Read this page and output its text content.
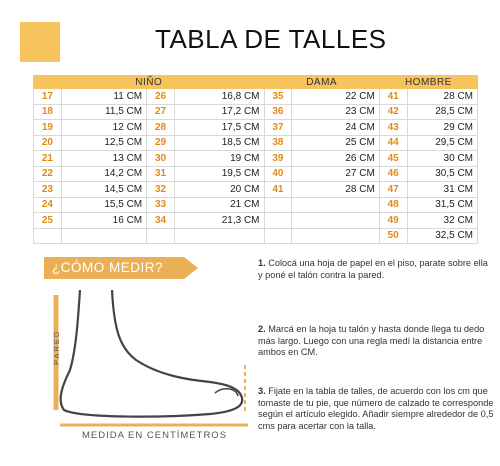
TABLA DE TALLES
NIÑO				DAMA		HOMBRE	
17	11 CM	26	16,8 CM	35	22 CM	41	28 CM
18	11,5 CM	27	17,2 CM	36	23 CM	42	28,5 CM
19	12 CM	28	17,5 CM	37	24 CM	43	29 CM
20	12,5 CM	29	18,5 CM	38	25 CM	44	29,5 CM
21	13 CM	30	19 CM	39	26 CM	45	30 CM
22	14,2 CM	31	19,5 CM	40	27 CM	46	30,5 CM
23	14,5 CM	32	20 CM	41	28 CM	47	31 CM
24	15,5 CM	33	21 CM			48	31,5 CM
25	16 CM	34	21,3 CM			49	32 CM
						50	32,5 CM
¿CÓMO MEDIR?
PARED
MEDIDA EN CENTÍMETROS
1. Colocá una hoja de papel en el piso, parate sobre ella y poné el talón contra la pared.
2. Marcá en la hoja tu talón y hasta donde llega tu dedo más largo. Luego con una regla medí la distancia entre ambos en CM.
3. Fijate en la tabla de talles, de acuerdo con los cm que tomaste de tu pie, que número de calzado te corresponde según el artículo elegido. Añadir siempre alrededor de 0,5 cms para acertar con la talla.
